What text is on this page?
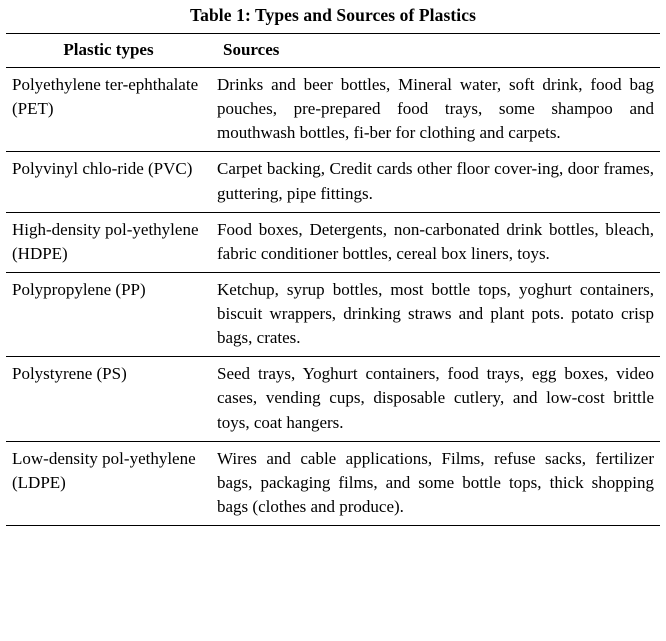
Table 1: Types and Sources of Plastics
Plastic types	Sources
Polyethylene ter-ephthalate (PET)	Drinks and beer bottles, Mineral water, soft drink, food bag pouches, pre-prepared food trays, some shampoo and mouthwash bottles, fi-ber for clothing and carpets.
Polyvinyl chlo-ride (PVC)	Carpet backing, Credit cards other floor cover-ing, door frames, guttering, pipe fittings.
High-density pol-yethylene (HDPE)	Food boxes, Detergents, non-carbonated drink bottles, bleach, fabric conditioner bottles, cereal box liners, toys.
Polypropylene (PP)	Ketchup, syrup bottles, most bottle tops, yoghurt containers, biscuit wrappers, drinking straws and plant pots. potato crisp bags, crates.
Polystyrene (PS)	Seed trays, Yoghurt containers, food trays, egg boxes, video cases, vending cups, disposable cutlery, and low-cost brittle toys, coat hangers.
Low-density pol-yethylene (LDPE)	Wires and cable applications, Films, refuse sacks, fertilizer bags, packaging films, and some bottle tops, thick shopping bags (clothes and produce).
